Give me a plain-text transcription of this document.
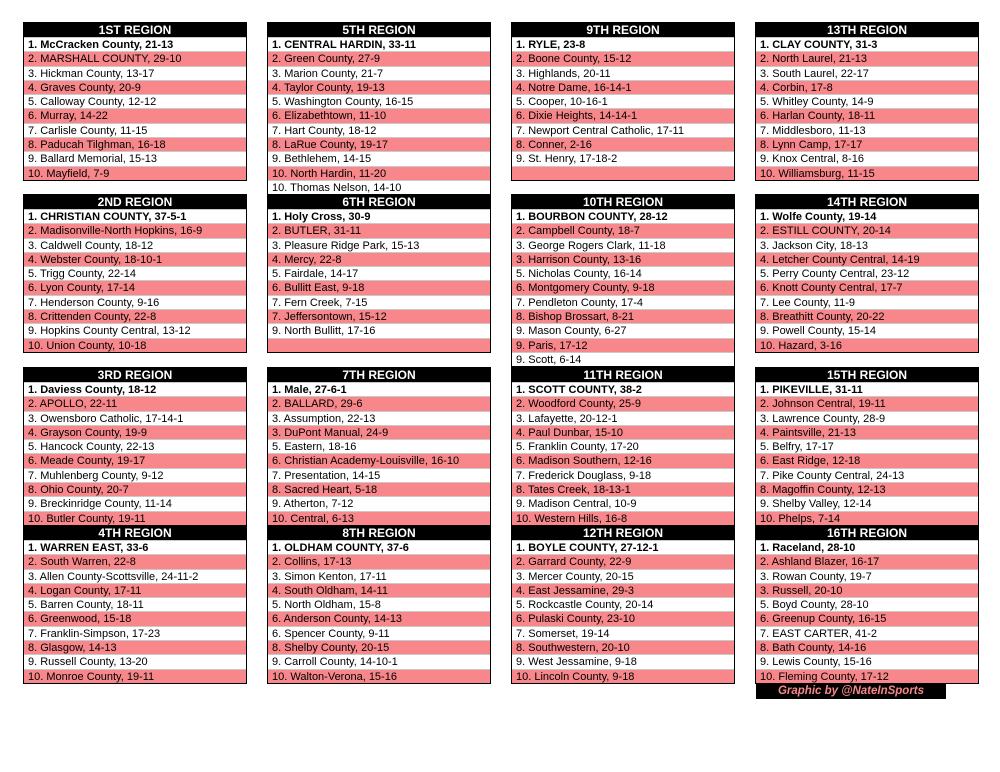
1ST REGION
1. McCracken County, 21-13
2. MARSHALL COUNTY, 29-10
3. Hickman County, 13-17
4. Graves County, 20-9
5. Calloway County, 12-12
6. Murray, 14-22
7. Carlisle County, 11-15
8. Paducah Tilghman, 16-18
9. Ballard Memorial, 15-13
10. Mayfield, 7-9
5TH REGION
1. CENTRAL HARDIN, 33-11
2. Green County, 27-9
3. Marion County, 21-7
4. Taylor County, 19-13
5. Washington County, 16-15
6. Elizabethtown, 11-10
7. Hart County, 18-12
8. LaRue County, 19-17
9. Bethlehem, 14-15
10. North Hardin, 11-20
10. Thomas Nelson, 14-10
9TH REGION
1. RYLE, 23-8
2. Boone County, 15-12
3. Highlands, 20-11
4. Notre Dame, 16-14-1
5. Cooper, 10-16-1
6. Dixie Heights, 14-14-1
7. Newport Central Catholic, 17-11
8. Conner, 2-16
9. St. Henry, 17-18-2
13TH REGION
1. CLAY COUNTY, 31-3
2. North Laurel, 21-13
3. South Laurel, 22-17
4. Corbin, 17-8
5. Whitley County, 14-9
6. Harlan County, 18-11
7. Middlesboro, 11-13
8. Lynn Camp, 17-17
9. Knox Central, 8-16
10. Williamsburg, 11-15
2ND REGION
1. CHRISTIAN COUNTY, 37-5-1
2. Madisonville-North Hopkins, 16-9
3. Caldwell County, 18-12
4. Webster County, 18-10-1
5. Trigg County, 22-14
6. Lyon County, 17-14
7. Henderson County, 9-16
8. Crittenden County, 22-8
9. Hopkins County Central, 13-12
10. Union County, 10-18
6TH REGION
1. Holy Cross, 30-9
2. BUTLER, 31-11
3. Pleasure Ridge Park, 15-13
4. Mercy, 22-8
5. Fairdale, 14-17
6. Bullitt East, 9-18
7. Fern Creek, 7-15
7. Jeffersontown, 15-12
9. North Bullitt, 17-16
10TH REGION
1. BOURBON COUNTY, 28-12
2. Campbell County, 18-7
3. George Rogers Clark, 11-18
3. Harrison County, 13-16
5. Nicholas County, 16-14
6. Montgomery County, 9-18
7. Pendleton County, 17-4
8. Bishop Brossart, 8-21
9. Mason County, 6-27
9. Paris, 17-12
9. Scott, 6-14
14TH REGION
1. Wolfe County, 19-14
2. ESTILL COUNTY, 20-14
3. Jackson City, 18-13
4. Letcher County Central, 14-19
5. Perry County Central, 23-12
6. Knott County Central, 17-7
7. Lee County, 11-9
8. Breathitt County, 20-22
9. Powell County, 15-14
10. Hazard, 3-16
3RD REGION
1. Daviess County, 18-12
2. APOLLO, 22-11
3. Owensboro Catholic, 17-14-1
4. Grayson County, 19-9
5. Hancock County, 22-13
6. Meade County, 19-17
7. Muhlenberg County, 9-12
8. Ohio County, 20-7
9. Breckinridge County, 11-14
10. Butler County, 19-11
7TH REGION
1. Male, 27-6-1
2. BALLARD, 29-6
3. Assumption, 22-13
3. DuPont Manual, 24-9
5. Eastern, 18-16
6. Christian Academy-Louisville, 16-10
7. Presentation, 14-15
8. Sacred Heart, 5-18
9. Atherton, 7-12
10. Central, 6-13
11TH REGION
1. SCOTT COUNTY, 38-2
2. Woodford County, 25-9
3. Lafayette, 20-12-1
4. Paul Dunbar, 15-10
5. Franklin County, 17-20
6. Madison Southern, 12-16
7. Frederick Douglass, 9-18
8. Tates Creek, 18-13-1
9. Madison Central, 10-9
10. Western Hills, 16-8
15TH REGION
1. PIKEVILLE, 31-11
2. Johnson Central, 19-11
3. Lawrence County, 28-9
4. Paintsville, 21-13
5. Belfry, 17-17
6. East Ridge, 12-18
7. Pike County Central, 24-13
8. Magoffin County, 12-13
9. Shelby Valley, 12-14
10. Phelps, 7-14
4TH REGION
1. WARREN EAST, 33-6
2. South Warren, 22-8
3. Allen County-Scottsville, 24-11-2
4. Logan County, 17-11
5. Barren County, 18-11
6. Greenwood, 15-18
7. Franklin-Simpson, 17-23
8. Glasgow, 14-13
9. Russell County, 13-20
10. Monroe County, 19-11
8TH REGION
1. OLDHAM COUNTY, 37-6
2. Collins, 17-13
3. Simon Kenton, 17-11
4. South Oldham, 14-11
5. North Oldham, 15-8
6. Anderson County, 14-13
6. Spencer County, 9-11
8. Shelby County, 20-15
9. Carroll County, 14-10-1
10. Walton-Verona, 15-16
12TH REGION
1. BOYLE COUNTY, 27-12-1
2. Garrard County, 22-9
3. Mercer County, 20-15
4. East Jessamine, 29-3
5. Rockcastle County, 20-14
6. Pulaski County, 23-10
7. Somerset, 19-14
8. Southwestern, 20-10
9. West Jessamine, 9-18
10. Lincoln County, 9-18
16TH REGION
1. Raceland, 28-10
2. Ashland Blazer, 16-17
3. Rowan County, 19-7
3. Russell, 20-10
5. Boyd County, 28-10
6. Greenup County, 16-15
7. EAST CARTER, 41-2
8. Bath County, 14-16
9. Lewis County, 15-16
10. Fleming County, 17-12
Graphic by @NateInSports
